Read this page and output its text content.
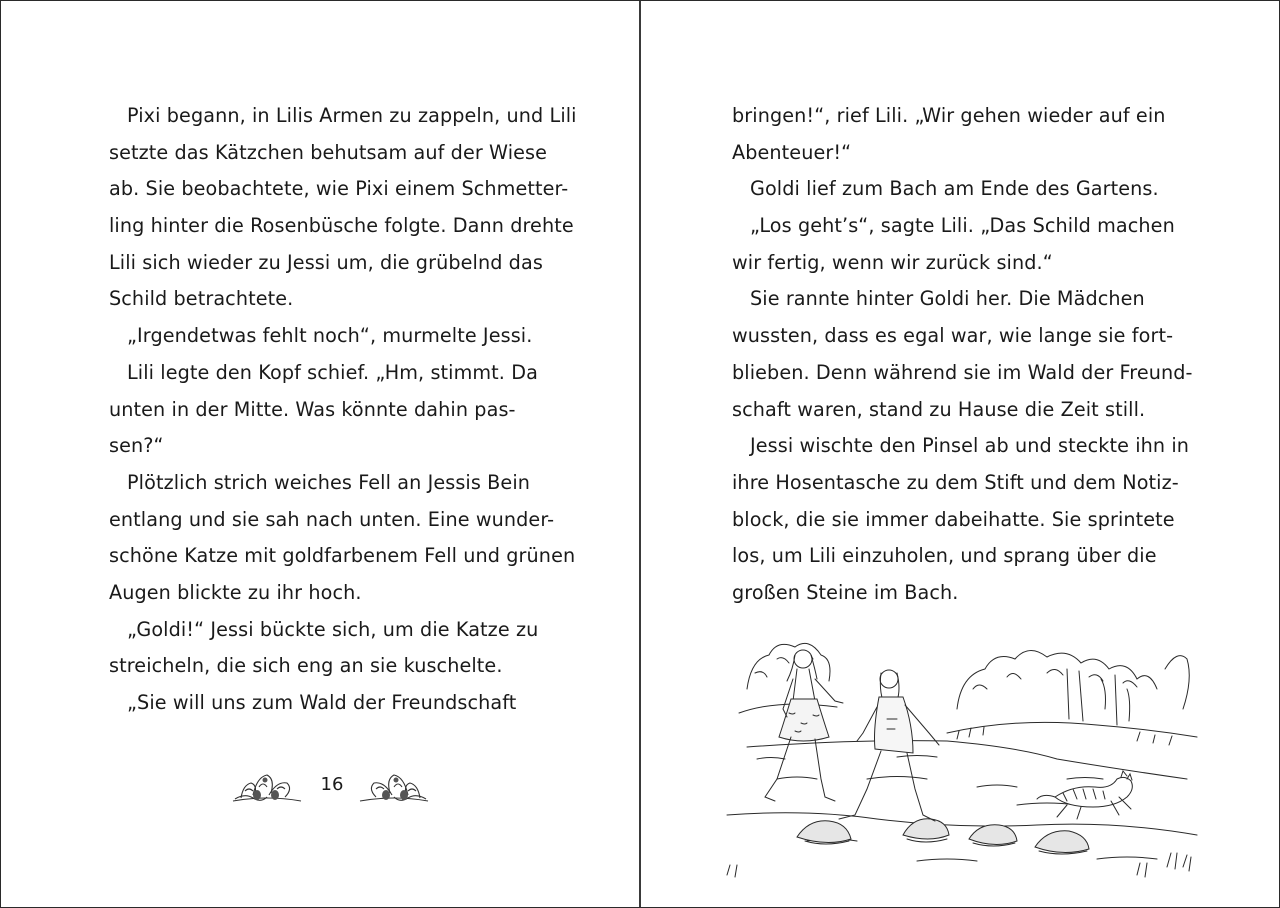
Pixi begann, in Lilis Armen zu zappeln, und Lili
setzte das Kätzchen behutsam auf der Wiese
ab. Sie beobachtete, wie Pixi einem Schmetter-
ling hinter die Rosenbüsche folgte. Dann drehte
Lili sich wieder zu Jessi um, die grübelnd das
Schild betrachtete.
„Irgendetwas fehlt noch“, murmelte Jessi.
Lili legte den Kopf schief. „Hm, stimmt. Da
unten in der Mitte. Was könnte dahin pas-
sen?“
Plötzlich strich weiches Fell an Jessis Bein
entlang und sie sah nach unten. Eine wunder-
schöne Katze mit goldfarbenem Fell und grünen
Augen blickte zu ihr hoch.
„Goldi!“ Jessi bückte sich, um die Katze zu
streicheln, die sich eng an sie kuschelte.
„Sie will uns zum Wald der Freundschaft
16
bringen!“, rief Lili. „Wir gehen wieder auf ein
Abenteuer!“
Goldi lief zum Bach am Ende des Gartens.
„Los geht’s“, sagte Lili. „Das Schild machen
wir fertig, wenn wir zurück sind.“
Sie rannte hinter Goldi her. Die Mädchen
wussten, dass es egal war, wie lange sie fort-
blieben. Denn während sie im Wald der Freund-
schaft waren, stand zu Hause die Zeit still.
Jessi wischte den Pinsel ab und steckte ihn in
ihre Hosentasche zu dem Stift und dem Notiz-
block, die sie immer dabeihatte. Sie sprintete
los, um Lili einzuholen, und sprang über die
großen Steine im Bach.
